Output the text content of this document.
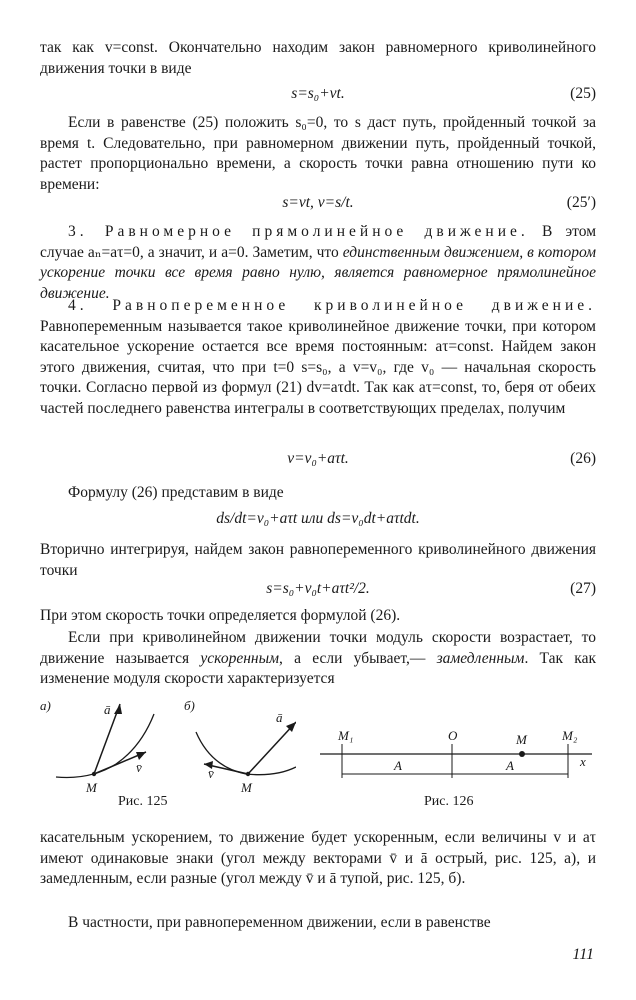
так как v=const. Окончательно находим закон равномерного криволинейного движения точки в виде

s=s₀+vt.	(25)

Если в равенстве (25) положить s₀=0, то s даст путь, пройденный точкой за время t. Следовательно, при равномерном движении путь, пройденный точкой, растет пропорционально времени, а скорость точки равна отношению пути ко времени:

s=vt, v=s/t.	(25′)

3. Равномерное прямолинейное движение. В этом случае aₙ=aτ=0, а значит, и a=0. Заметим, что единственным движением, в котором ускорение точки все время равно нулю, является равномерное прямолинейное движение.

4. Равнопеременное криволинейное движение. Равнопеременным называется такое криволинейное движение точки, при котором касательное ускорение остается все время постоянным: aτ=const. Найдем закон этого движения, считая, что при t=0 s=s₀, а v=v₀, где v₀ — начальная скорость точки. Согласно первой из формул (21) dv=aτdt. Так как aτ=const, то, беря от обеих частей последнего равенства интегралы в соответствующих пределах, получим

v=v₀+aτt.	(26)

Формулу (26) представим в виде

ds/dt=v₀+aτt или ds=v₀dt+aτtdt.

Вторично интегрируя, найдем закон равнопеременного криволинейного движения точки

s=s₀+v₀t+aτt²/2.	(27)

При этом скорость точки определяется формулой (26).

Если при криволинейном движении точки модуль скорости возрастает, то движение называется ускоренным, а если убывает,— замедленным. Так как изменение модуля скорости характеризуется

а)	ā
v̄
M
б)
ā
v̄
M
Рис. 125
M₁	O	M	M₂
x
A	A
Рис. 126

касательным ускорением, то движение будет ускоренным, если величины v и aτ имеют одинаковые знаки (угол между векторами v̄ и ā острый, рис. 125, а), и замедленным, если разные (угол между v̄ и ā тупой, рис. 125, б).

В частности, при равнопеременном движении, если в равенстве

111
